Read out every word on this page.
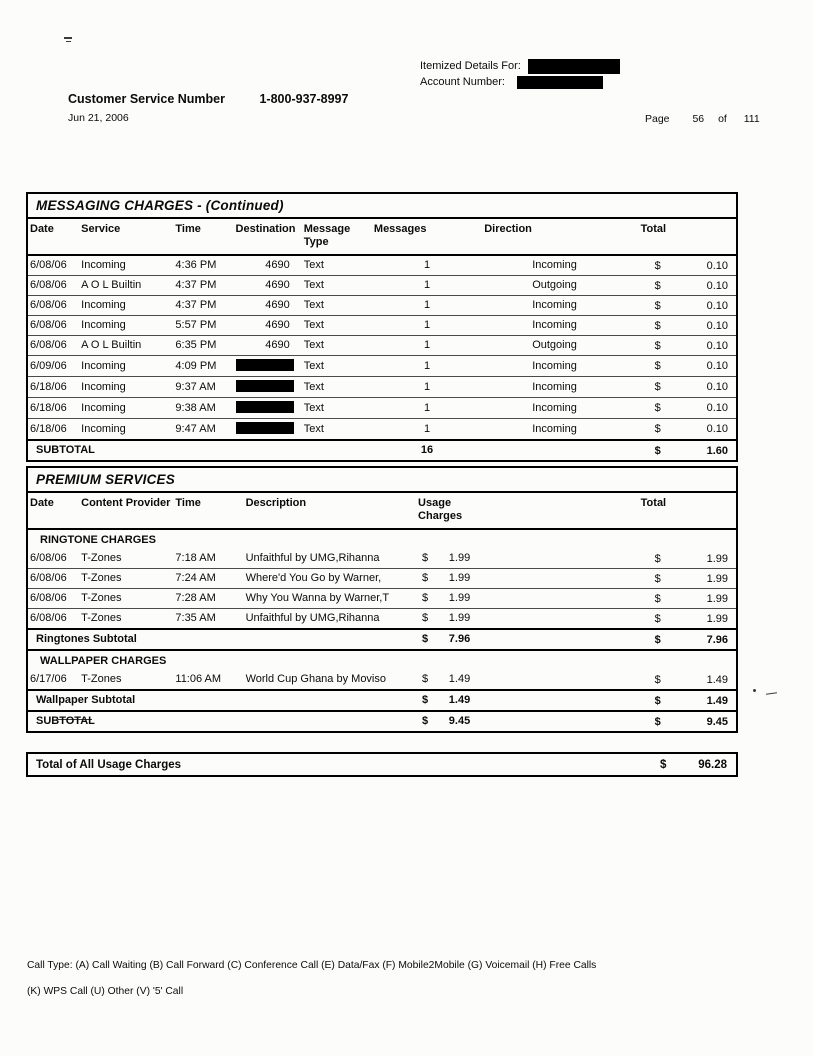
Itemized Details For:
Account Number:
Customer Service Number	1-800-937-8997
Jun 21, 2006	Page 56 of 111
MESSAGING CHARGES - (Continued)							
Date	Service	Time	Destination	Message Type	Messages	Direction	Total
6/08/06	Incoming	4:36 PM	4690	Text	1	Incoming	$ 0.10

6/08/06	A O L Builtin	4:37 PM	4690	Text	1	Outgoing	$ 0.10

6/08/06	Incoming	4:37 PM	4690	Text	1	Incoming	$ 0.10

6/08/06	Incoming	5:57 PM	4690	Text	1	Incoming	$ 0.10

6/08/06	A O L Builtin	6:35 PM	4690	Text	1	Outgoing	$ 0.10

6/09/06	Incoming	4:09 PM		Text	1	Incoming	$ 0.10

6/18/06	Incoming	9:37 AM		Text	1	Incoming	$ 0.10

6/18/06	Incoming	9:38 AM		Text	1	Incoming	$ 0.10

6/18/06	Incoming	9:47 AM		Text	1	Incoming	$ 0.10

SUBTOTAL					16		$ 1.60
PREMIUM SERVICES						
Date	Content Provider	Time	Description	Usage Charges		Total
RINGTONE CHARGES						
6/08/06	T-Zones	7:18 AM	Unfaithful by UMG,Rihanna	$ 1.99		$ 1.99

6/08/06	T-Zones	7:24 AM	Where'd You Go by Warner,	$ 1.99		$ 1.99

6/08/06	T-Zones	7:28 AM	Why You Wanna by Warner,T	$ 1.99		$ 1.99

6/08/06	T-Zones	7:35 AM	Unfaithful by UMG,Rihanna	$ 1.99		$ 1.99

Ringtones Subtotal				$ 7.96		$ 7.96

WALLPAPER CHARGES						
6/17/06	T-Zones	11:06 AM	World Cup Ghana by Moviso	$ 1.49		$ 1.49

Wallpaper Subtotal				$ 1.49		$ 1.49

SUBTOTAL				$ 9.45		$ 9.45
Total of All Usage Charges	$	96.28
Call Type: (A) Call Waiting (B) Call Forward (C) Conference Call (E) Data/Fax (F) Mobile2Mobile (G) Voicemail (H) Free Calls
(K) WPS Call (U) Other (V) '5' Call
